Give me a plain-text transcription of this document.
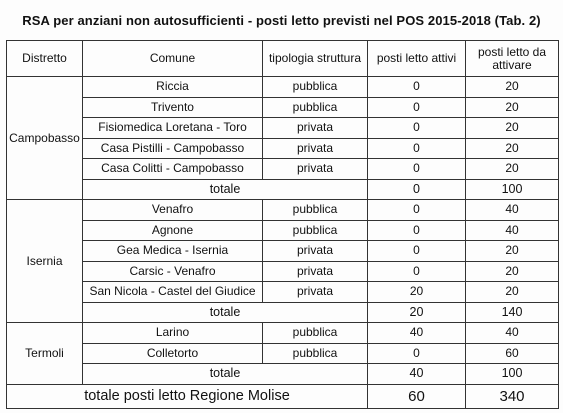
RSA per anziani non autosufficienti - posti letto previsti nel POS 2015-2018 (Tab. 2)
Distretto	Comune	tipologia struttura	posti letto attivi	posti letto da attivare
Campobasso	Riccia	pubblica	0	20
	Trivento	pubblica	0	20
	Fisiomedica Loretana - Toro	privata	0	20
	Casa Pistilli - Campobasso	privata	0	20
	Casa Colitti - Campobasso	privata	0	20
	totale		0	100
Isernia	Venafro	pubblica	0	40
	Agnone	pubblica	0	40
	Gea Medica - Isernia	privata	0	20
	Carsic - Venafro	privata	0	20
	San Nicola - Castel del Giudice	privata	20	20
	totale		20	140
Termoli	Larino	pubblica	40	40
	Colletorto	pubblica	0	60
	totale		40	100
totale posti letto Regione Molise			60	340
